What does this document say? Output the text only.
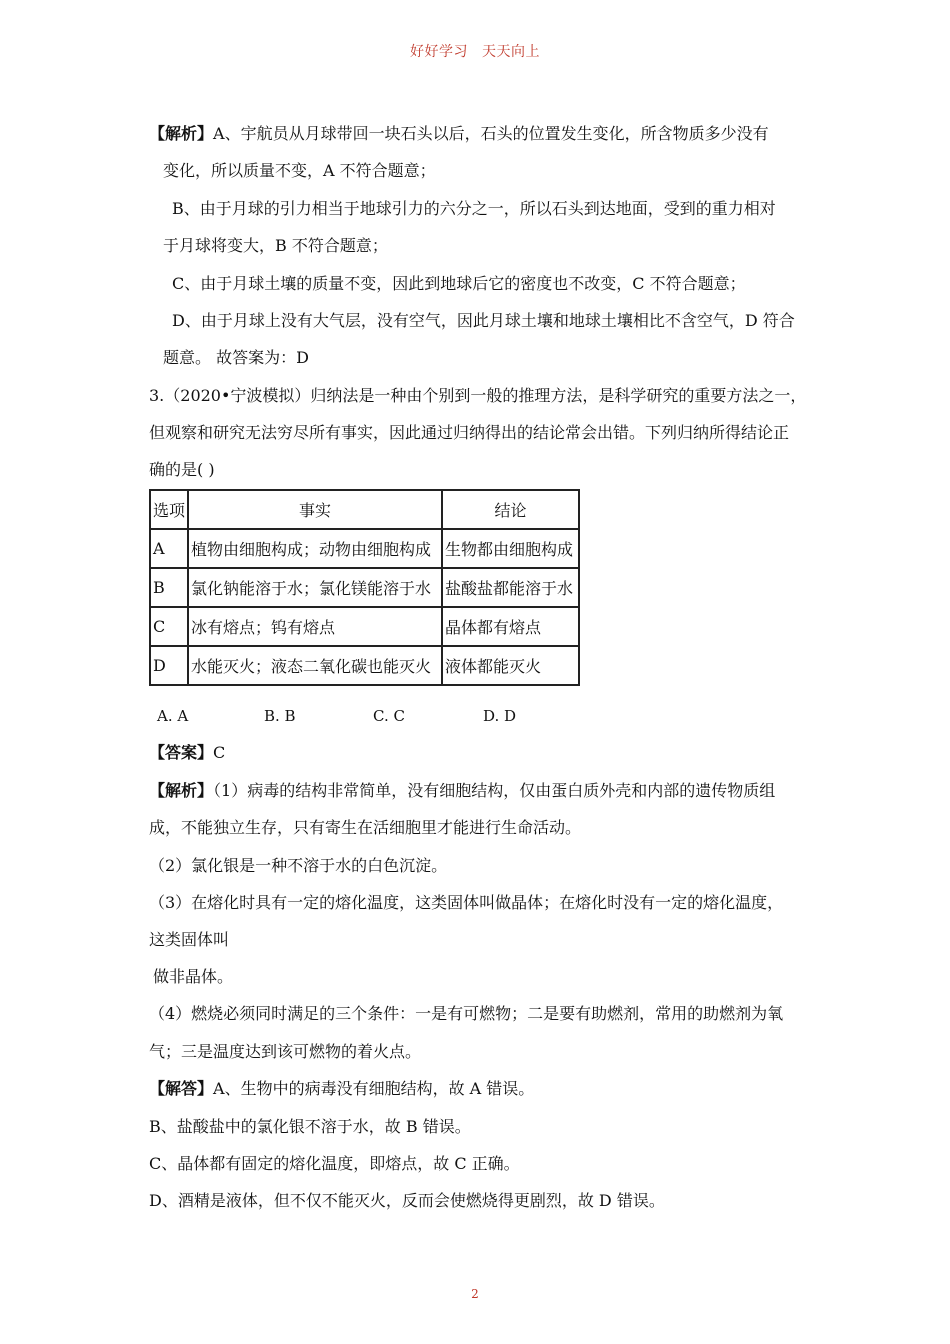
好好学习 天天向上
【解析】A、宇航员从月球带回一块石头以后，石头的位置发生变化，所含物质多少没有
变化，所以质量不变，A 不符合题意；
B、由于月球的引力相当于地球引力的六分之一，所以石头到达地面，受到的重力相对
于月球将变大，B 不符合题意；
C、由于月球土壤的质量不变，因此到地球后它的密度也不改变，C 不符合题意；
D、由于月球上没有大气层，没有空气，因此月球土壤和地球土壤相比不含空气，D 符合
题意。 故答案为：D
3.（2020•宁波模拟）归纳法是一种由个别到一般的推理方法，是科学研究的重要方法之一，
但观察和研究无法穷尽所有事实，因此通过归纳得出的结论常会出错。下列归纳所得结论正
确的是( )
选项	事实	结论
A	植物由细胞构成；动物由细胞构成	生物都由细胞构成
B	氯化钠能溶于水；氯化镁能溶于水	盐酸盐都能溶于水
C	冰有熔点；钨有熔点	晶体都有熔点
D	水能灭火；液态二氧化碳也能灭火	液体都能灭火
A. A	B. B	C. C	D. D
【答案】C
【解析】（1）病毒的结构非常简单，没有细胞结构，仅由蛋白质外壳和内部的遗传物质组
成，不能独立生存，只有寄生在活细胞里才能进行生命活动。
（2）氯化银是一种不溶于水的白色沉淀。
（3）在熔化时具有一定的熔化温度，这类固体叫做晶体；在熔化时没有一定的熔化温度，
这类固体叫
做非晶体。
（4）燃烧必须同时满足的三个条件：一是有可燃物；二是要有助燃剂，常用的助燃剂为氧
气；三是温度达到该可燃物的着火点。
【解答】A、生物中的病毒没有细胞结构，故 A 错误。
B、盐酸盐中的氯化银不溶于水，故 B 错误。
C、晶体都有固定的熔化温度，即熔点，故 C 正确。
D、酒精是液体，但不仅不能灭火，反而会使燃烧得更剧烈，故 D 错误。
2
